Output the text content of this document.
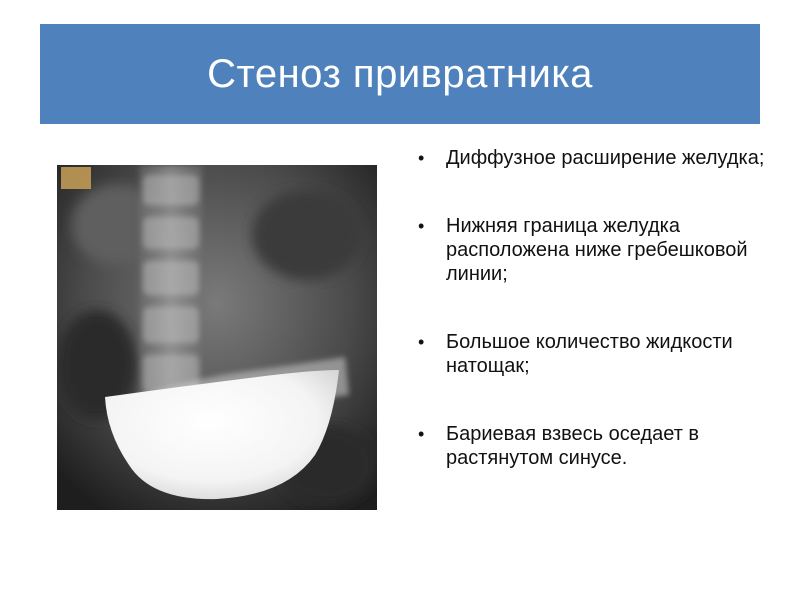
Стеноз привратника
• Диффузное расширение желудка;
• Нижняя граница желудка расположена ниже гребешковой линии;
• Большое количество жидкости натощак;
• Бариевая взвесь оседает в растянутом синусе.
